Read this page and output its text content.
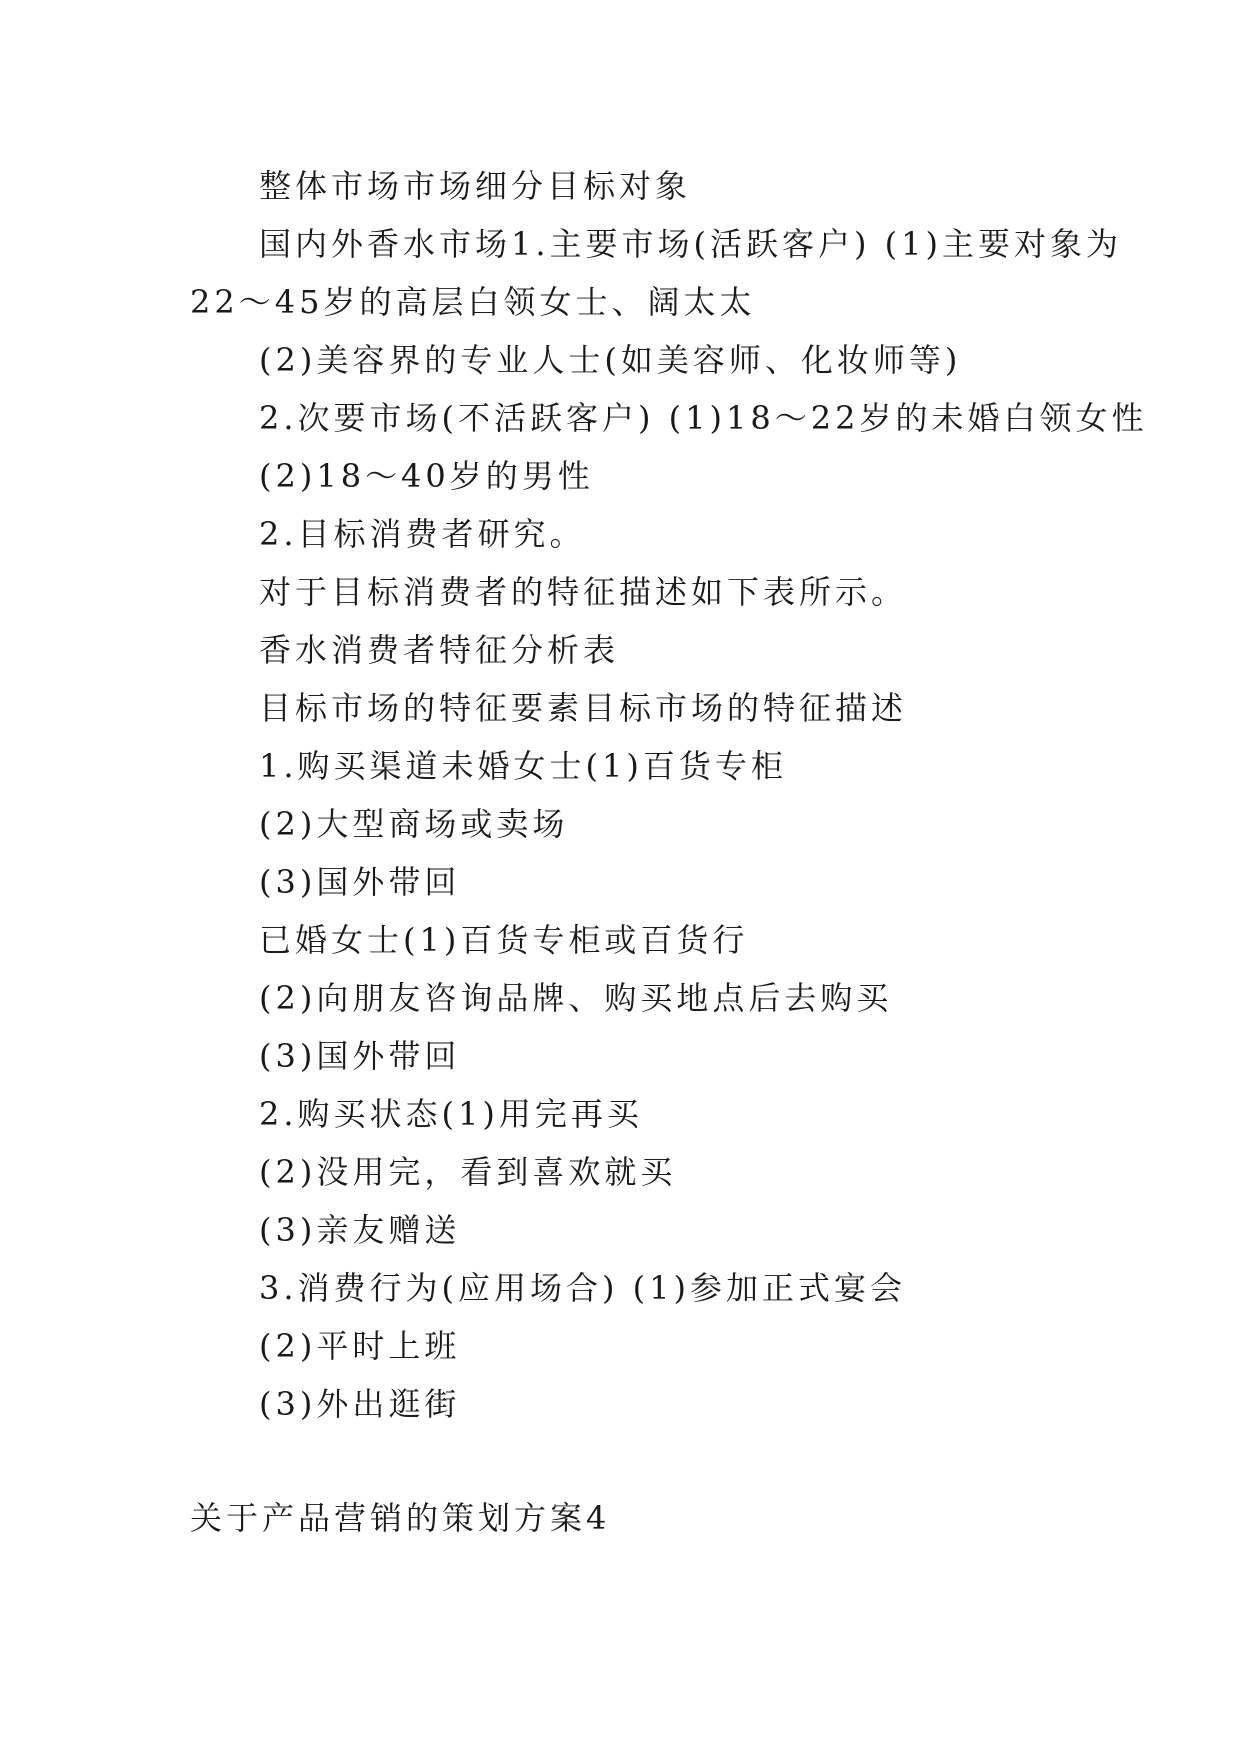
整体市场市场细分目标对象
国内外香水市场1.主要市场(活跃客户) (1)主要对象为
22～45岁的高层白领女士、阔太太
(2)美容界的专业人士(如美容师、化妆师等)
2.次要市场(不活跃客户) (1)18～22岁的未婚白领女性
(2)18～40岁的男性
2.目标消费者研究。
对于目标消费者的特征描述如下表所示。
香水消费者特征分析表
目标市场的特征要素目标市场的特征描述
1.购买渠道未婚女士(1)百货专柜
(2)大型商场或卖场
(3)国外带回
已婚女士(1)百货专柜或百货行
(2)向朋友咨询品牌、购买地点后去购买
(3)国外带回
2.购买状态(1)用完再买
(2)没用完，看到喜欢就买
(3)亲友赠送
3.消费行为(应用场合) (1)参加正式宴会
(2)平时上班
(3)外出逛街
关于产品营销的策划方案4
